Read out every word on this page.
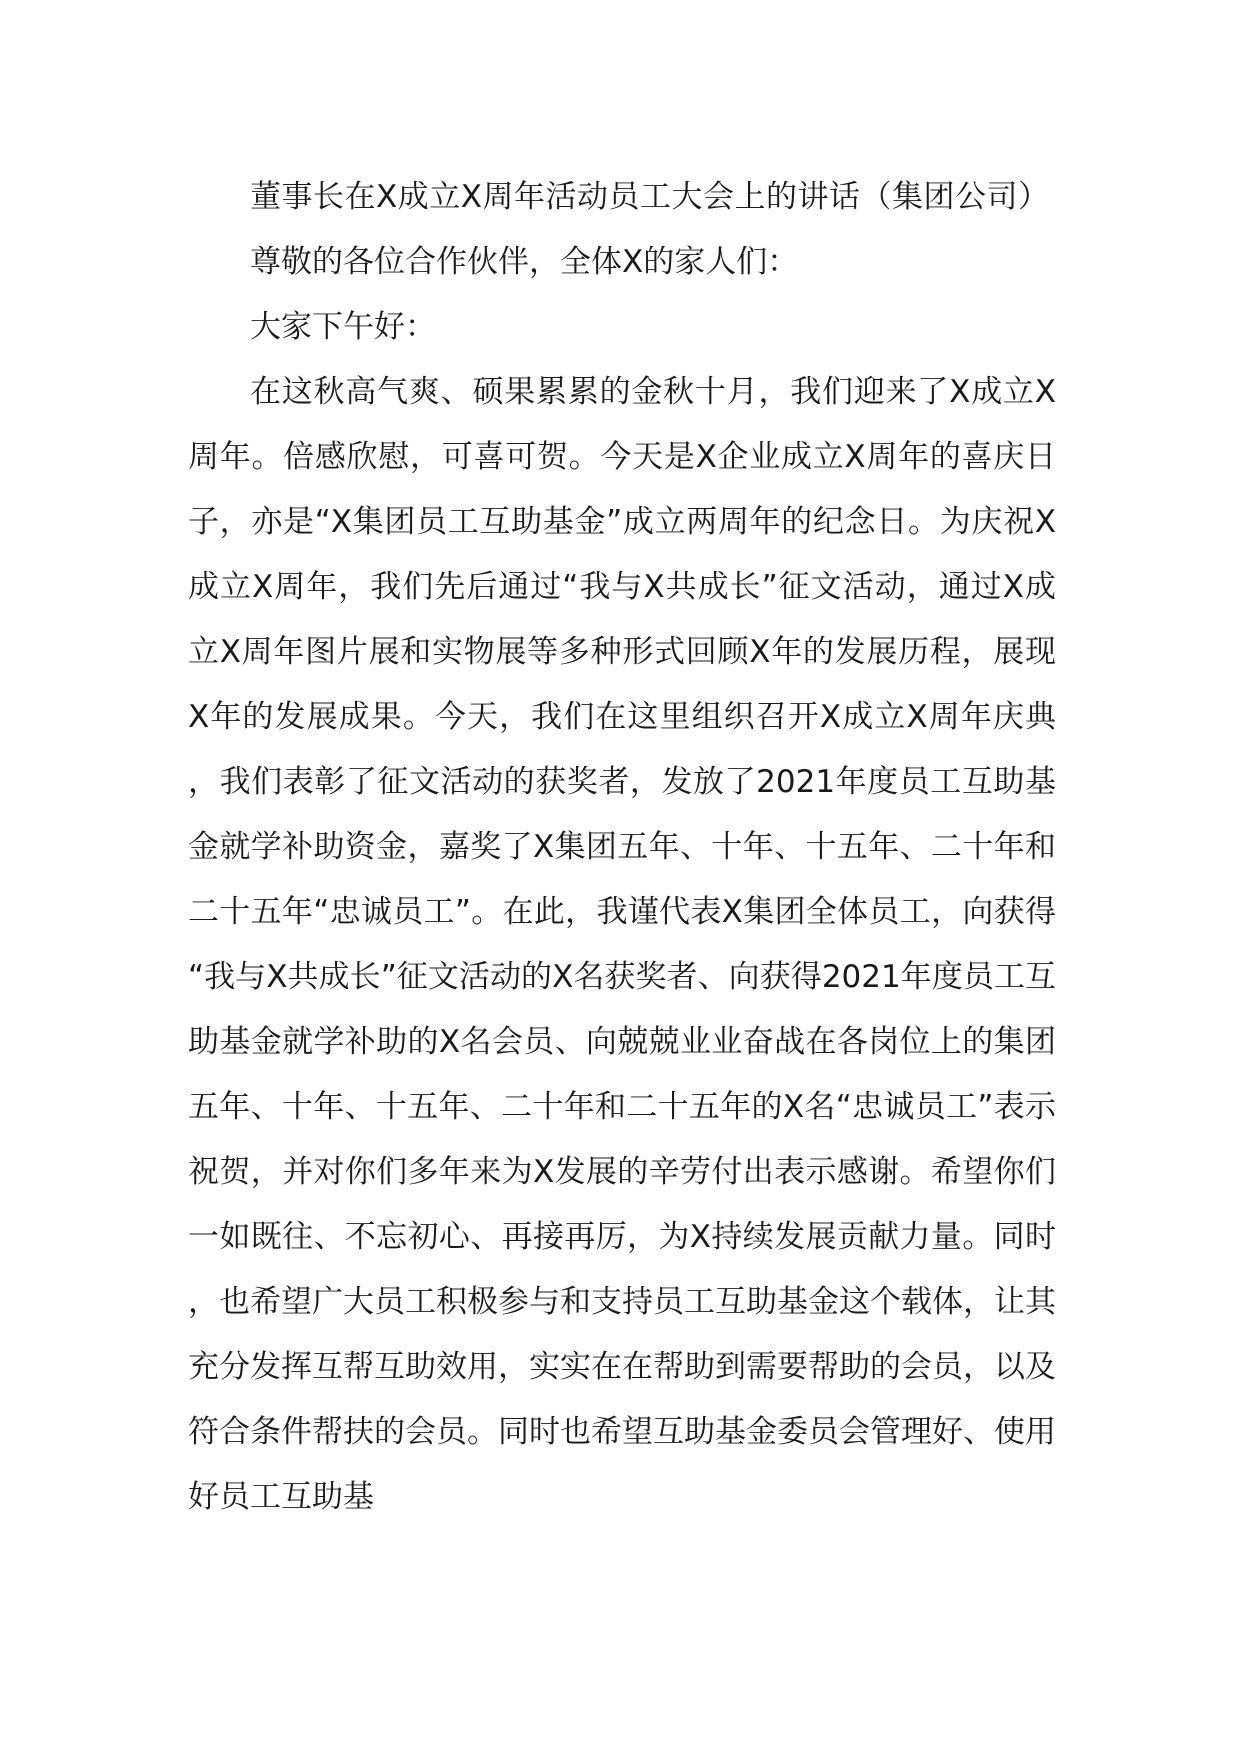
董事长在X成立X周年活动员工大会上的讲话（集团公司）

尊敬的各位合作伙伴，全体X的家人们：

大家下午好：

在这秋高气爽、硕果累累的金秋十月，我们迎来了X成立X周年。倍感欣慰，可喜可贺。今天是X企业成立X周年的喜庆日子，亦是“X集团员工互助基金”成立两周年的纪念日。为庆祝X成立X周年，我们先后通过“我与X共成长”征文活动，通过X成立X周年图片展和实物展等多种形式回顾X年的发展历程，展现X年的发展成果。今天，我们在这里组织召开X成立X周年庆典，我们表彰了征文活动的获奖者，发放了2021年度员工互助基金就学补助资金，嘉奖了X集团五年、十年、十五年、二十年和二十五年“忠诚员工”。在此，我谨代表X集团全体员工，向获得“我与X共成长”征文活动的X名获奖者、向获得2021年度员工互助基金就学补助的X名会员、向兢兢业业奋战在各岗位上的集团五年、十年、十五年、二十年和二十五年的X名“忠诚员工”表示祝贺，并对你们多年来为X发展的辛劳付出表示感谢。希望你们一如既往、不忘初心、再接再厉，为X持续发展贡献力量。同时，也希望广大员工积极参与和支持员工互助基金这个载体，让其充分发挥互帮互助效用，实实在在帮助到需要帮助的会员，以及符合条件帮扶的会员。同时也希望互助基金委员会管理好、使用好员工互助基
